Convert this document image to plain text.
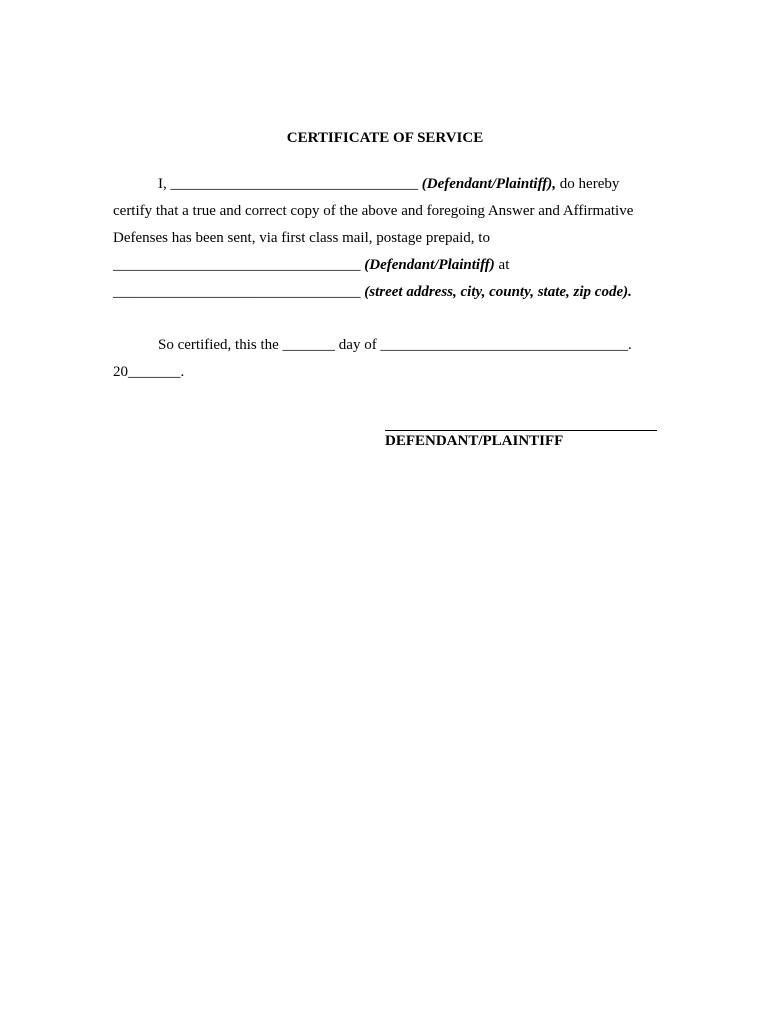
CERTIFICATE OF SERVICE
I, _________________________________ (Defendant/Plaintiff), do hereby
certify that a true and correct copy of the above and foregoing Answer and Affirmative
Defenses has been sent, via first class mail, postage prepaid, to
_________________________________ (Defendant/Plaintiff) at
_________________________________ (street address, city, county, state, zip code).
So certified, this the _______ day of _________________________________.
20_______.
DEFENDANT/PLAINTIFF
